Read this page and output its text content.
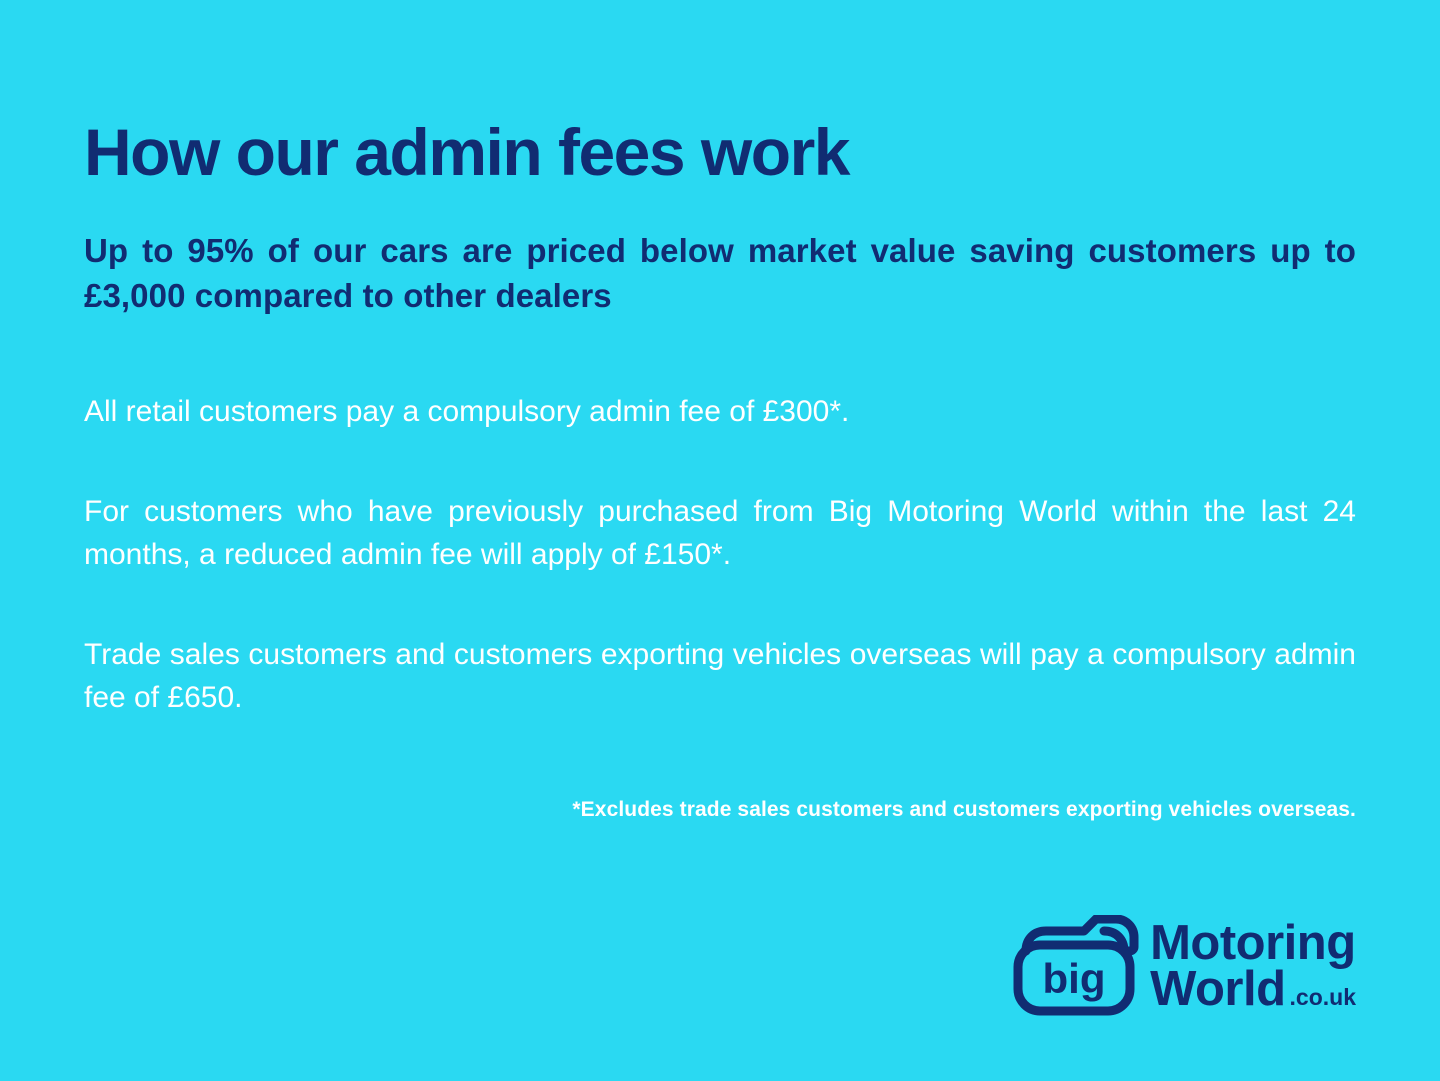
How our admin fees work

Up to 95% of our cars are priced below market value saving customers up to £3,000 compared to other dealers

All retail customers pay a compulsory admin fee of £300*.

For customers who have previously purchased from Big Motoring World within the last 24 months, a reduced admin fee will apply of £150*.

Trade sales customers and customers exporting vehicles overseas will pay a compulsory admin fee of £650.

*Excludes trade sales customers and customers exporting vehicles overseas.

big
Motoring
World .co.uk
